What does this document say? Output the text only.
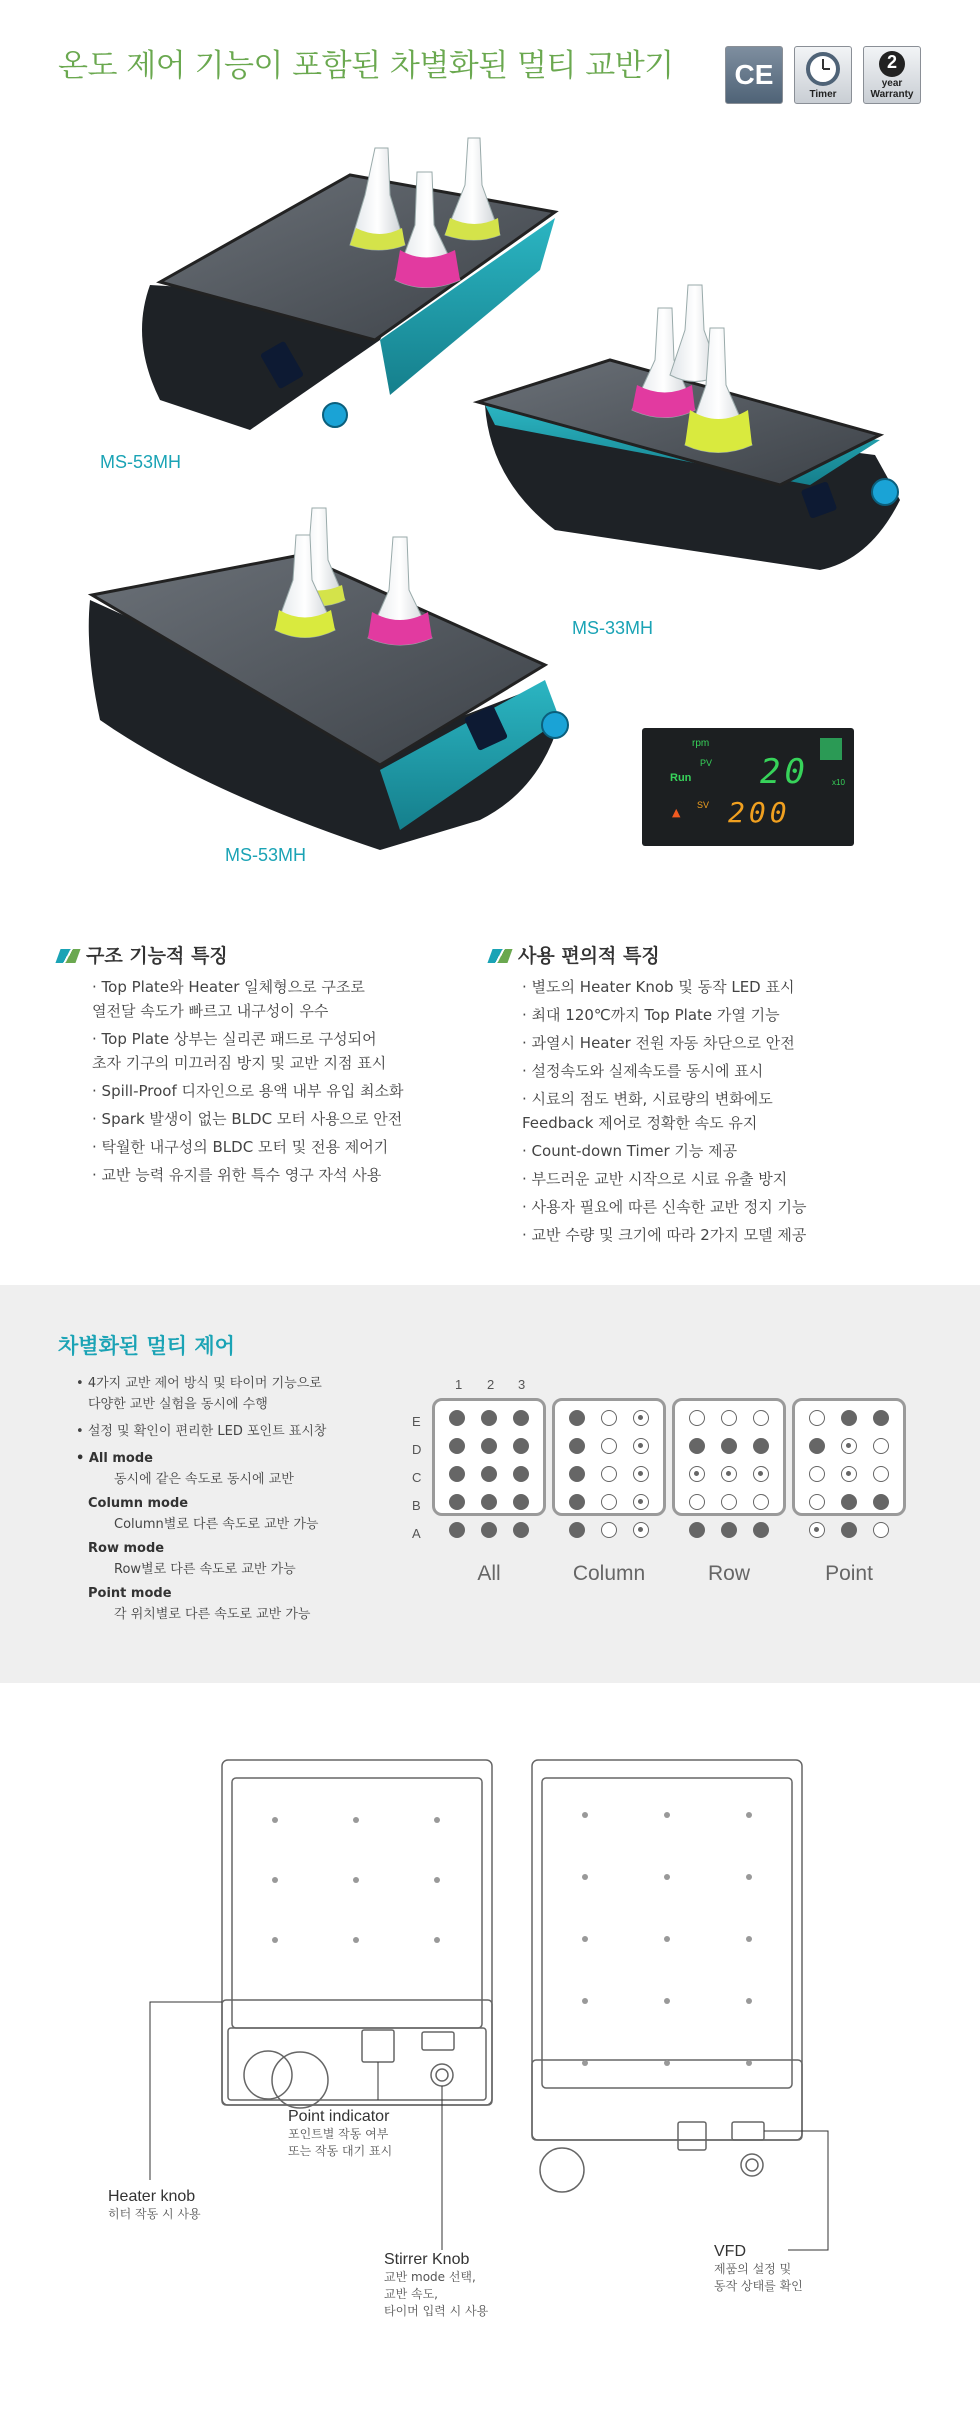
온도 제어 기능이 포함된 차별화된 멀티 교반기	CE
Timer
2
year
Warranty
MS-53MH
MS-33MH
MS-53MH
rpm
PV
Run
SV
▲
20	x10
200
구조 기능적 특징
· Top Plate와 Heater 일체형으로 구조로
열전달 속도가 빠르고 내구성이 우수
· Top Plate 상부는 실리콘 패드로 구성되어
초자 기구의 미끄러짐 방지 및 교반 지점 표시
· Spill-Proof 디자인으로 용액 내부 유입 최소화
· Spark 발생이 없는 BLDC 모터 사용으로 안전
· 탁월한 내구성의 BLDC 모터 및 전용 제어기
· 교반 능력 유지를 위한 특수 영구 자석 사용
사용 편의적 특징
· 별도의 Heater Knob 및 동작 LED 표시
· 최대 120℃까지 Top Plate 가열 기능
· 과열시 Heater 전원 자동 차단으로 안전
· 설정속도와 실제속도를 동시에 표시
· 시료의 점도 변화, 시료량의 변화에도
Feedback 제어로 정확한 속도 유지
· Count-down Timer 기능 제공
· 부드러운 교반 시작으로 시료 유출 방지
· 사용자 필요에 따른 신속한 교반 정지 기능
· 교반 수량 및 크기에 따라 2가지 모델 제공
차별화된 멀티 제어
• 4가지 교반 제어 방식 및 타이머 기능으로
다양한 교반 실험을 동시에 수행
• 설정 및 확인이 편리한 LED 포인트 표시창
• All mode
동시에 같은 속도로 동시에 교반
Column mode
Column별로 다른 속도로 교반 가능
Row mode
Row별로 다른 속도로 교반 가능
Point mode
각 위치별로 다른 속도로 교반 가능
1 2 3
E
D
C
B
A
All	Column	Row	Point
Point indicator
포인트별 작동 여부
또는 작동 대기 표시
Heater knob
히터 작동 시 사용
Stirrer Knob
교반 mode 선택,
교반 속도,
타이머 입력 시 사용
VFD
제품의 설정 및
동작 상태를 확인
